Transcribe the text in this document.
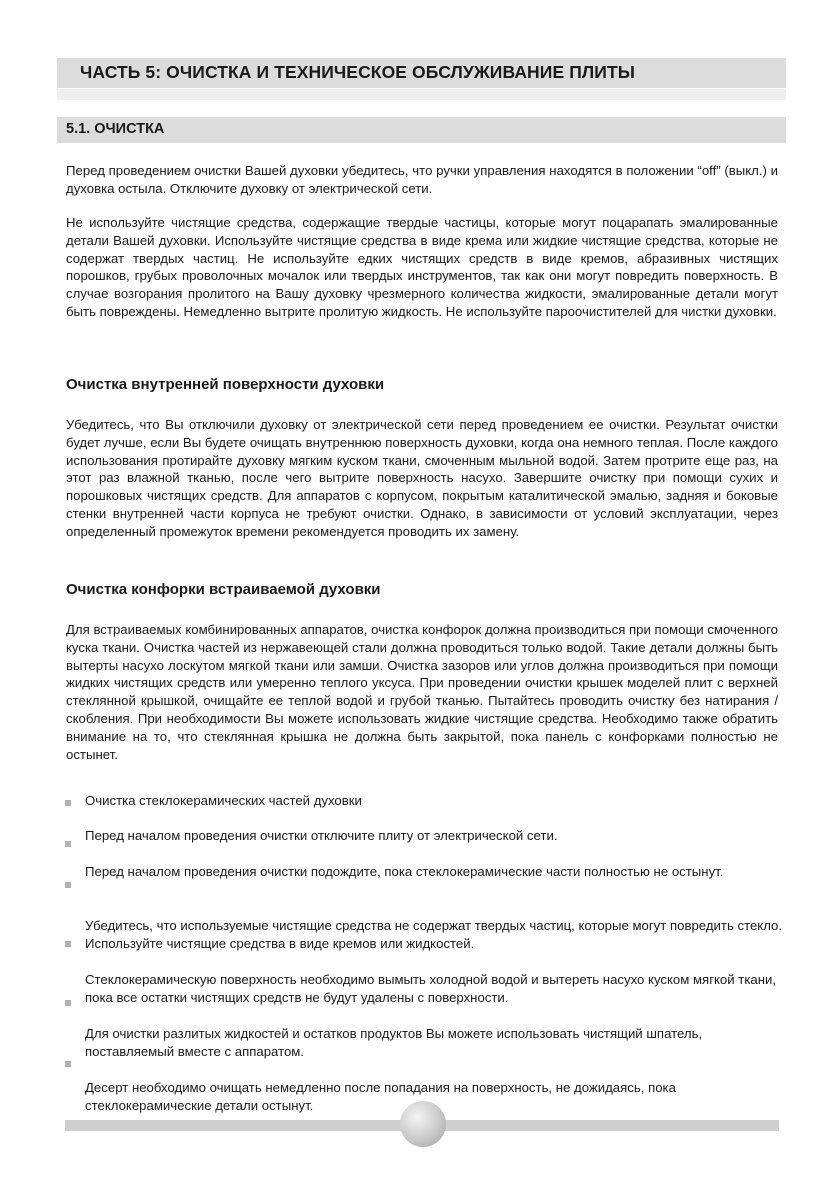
ЧАСТЬ 5: ОЧИСТКА И ТЕХНИЧЕСКОЕ ОБСЛУЖИВАНИЕ ПЛИТЫ
5.1. ОЧИСТКА

Перед проведением очистки Вашей духовки убедитесь, что ручки управления находятся в положении “off” (выкл.) и духовка остыла. Отключите духовку от электрической сети.

Не используйте чистящие средства, содержащие твердые частицы, которые могут поцарапать эмалированные детали Вашей духовки. Используйте чистящие средства в виде крема или жидкие чистящие средства, которые не содержат твердых частиц. Не используйте едких чистящих средств в виде кремов, абразивных чистящих порошков, грубых проволочных мочалок или твердых инструментов, так как они могут повредить поверхность. В случае возгорания пролитого на Вашу духовку чрезмерного количества жидкости, эмалированные детали могут быть повреждены. Немедленно вытрите пролитую жидкость. Не используйте пароочистителей для чистки духовки.

Очистка внутренней поверхности духовки

Убедитесь, что Вы отключили духовку от электрической сети перед проведением ее очистки. Результат очистки будет лучше, если Вы будете очищать внутреннюю поверхность духовки, когда она немного теплая. После каждого использования протирайте духовку мягким куском ткани, смоченным мыльной водой. Затем протрите еще раз, на этот раз влажной тканью, после чего вытрите поверхность насухо. Завершите очистку при помощи сухих и порошковых чистящих средств. Для аппаратов с корпусом, покрытым каталитической эмалью, задняя и боковые стенки внутренней части корпуса не требуют очистки. Однако, в зависимости от условий эксплуатации, через определенный промежуток времени рекомендуется проводить их замену.

Очистка конфорки встраиваемой духовки

Для встраиваемых комбинированных аппаратов, очистка конфорок должна производиться при помощи смоченного куска ткани. Очистка частей из нержавеющей стали должна проводиться только водой. Такие детали должны быть вытерты насухо лоскутом мягкой ткани или замши. Очистка зазоров или углов должна производиться при помощи жидких чистящих средств или умеренно теплого уксуса. При проведении очистки крышек моделей плит с верхней стеклянной крышкой, очищайте ее теплой водой и грубой тканью. Пытайтесь проводить очистку без натирания / скобления. При необходимости Вы можете использовать жидкие чистящие средства. Необходимо также обратить внимание на то, что стеклянная крышка не должна быть закрытой, пока панель с конфорками полностью не остынет.

Очистка стеклокерамических частей духовки

Перед началом проведения очистки отключите плиту от электрической сети.

Перед началом проведения очистки подождите, пока стеклокерамические части полностью не остынут.

Убедитесь, что используемые чистящие средства не содержат твердых частиц, которые могут повредить стекло. Используйте чистящие средства в виде кремов или жидкостей.

Стеклокерамическую поверхность необходимо вымыть холодной водой и вытереть насухо куском мягкой ткани, пока все остатки чистящих средств не будут удалены с поверхности.

Для очистки разлитых жидкостей и остатков продуктов Вы можете использовать чистящий шпатель, поставляемый вместе с аппаратом.

Десерт необходимо очищать немедленно после попадания на поверхность, не дожидаясь, пока стеклокерамические детали остынут.
